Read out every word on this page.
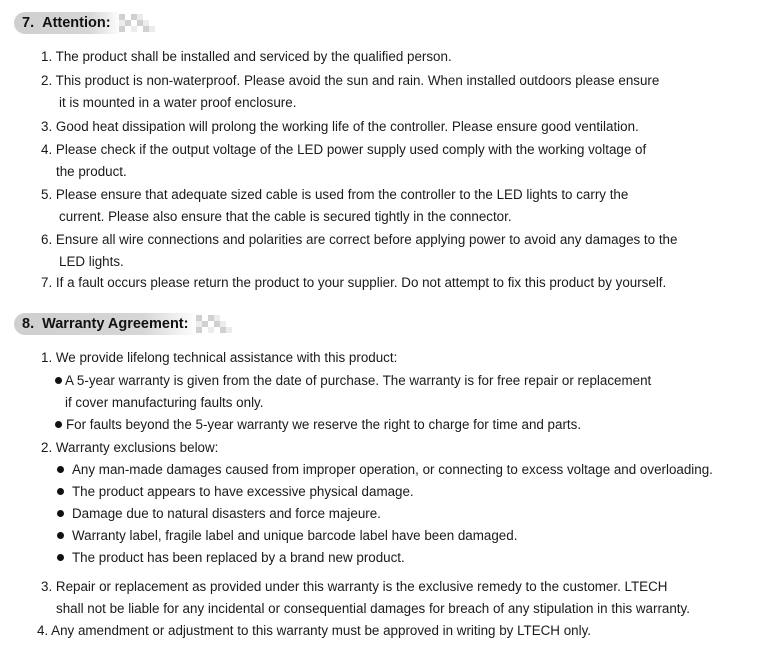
7. Attention:
1. The product shall be installed and serviced by the qualified person.
2. This product is non-waterproof. Please avoid the sun and rain. When installed outdoors please ensure
it is mounted in a water proof enclosure.
3. Good heat dissipation will prolong the working life of the controller. Please ensure good ventilation.
4. Please check if the output voltage of the LED power supply used comply with the working voltage of
the product.
5. Please ensure that adequate sized cable is used from the controller to the LED lights to carry the
current. Please also ensure that the cable is secured tightly in the connector.
6. Ensure all wire connections and polarities are correct before applying power to avoid any damages to the
LED lights.
7. If a fault occurs please return the product to your supplier. Do not attempt to fix this product by yourself.
8. Warranty Agreement:
1. We provide lifelong technical assistance with this product:
A 5-year warranty is given from the date of purchase. The warranty is for free repair or replacement
if cover manufacturing faults only.
For faults beyond the 5-year warranty we reserve the right to charge for time and parts.
2. Warranty exclusions below:
Any man-made damages caused from improper operation, or connecting to excess voltage and overloading.
The product appears to have excessive physical damage.
Damage due to natural disasters and force majeure.
Warranty label, fragile label and unique barcode label have been damaged.
The product has been replaced by a brand new product.
3. Repair or replacement as provided under this warranty is the exclusive remedy to the customer. LTECH
shall not be liable for any incidental or consequential damages for breach of any stipulation in this warranty.
4. Any amendment or adjustment to this warranty must be approved in writing by LTECH only.
